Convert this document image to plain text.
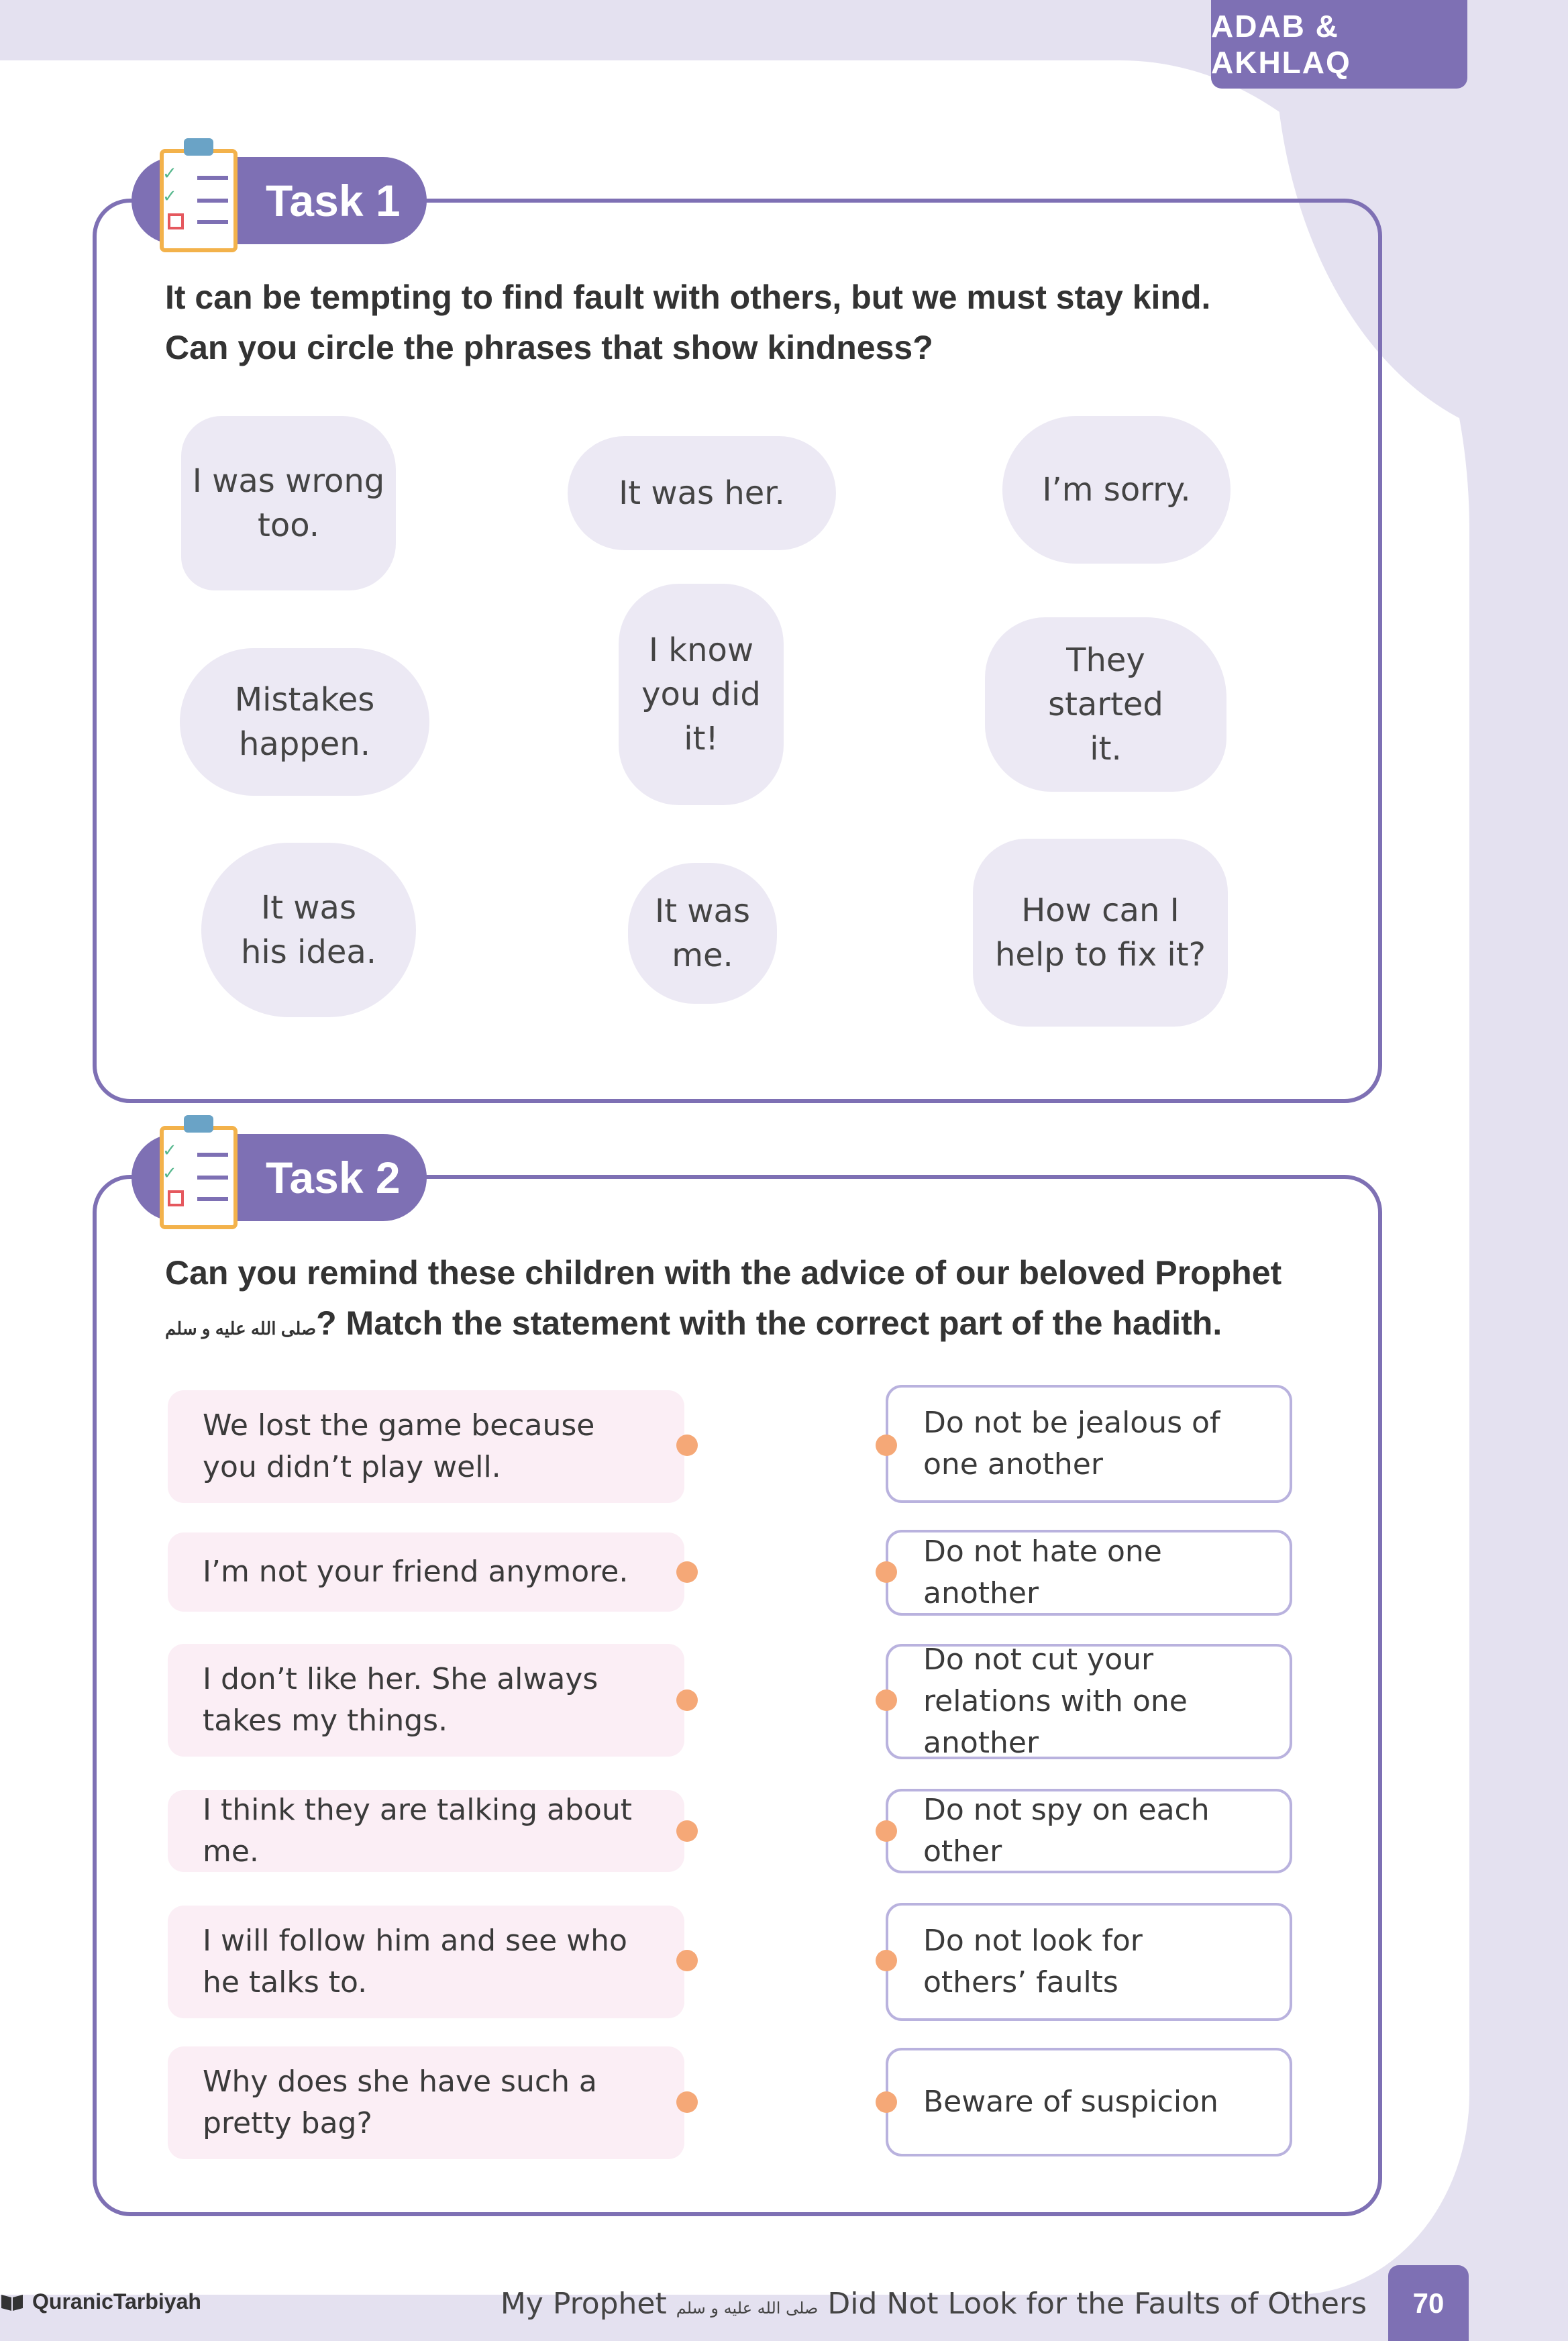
ADAB & AKHLAQ
Task 1
✓
✓
It can be tempting to find fault with others, but we must stay kind.
Can you circle the phrases that show kindness?
I was wrong too.
It was her.	I’m sorry.
Mistakes happen.
I know you did it!
They started it.
It was his idea.
It was me.
How can I help to fix it?
Task 2
✓
✓
Can you remind these children with the advice of our beloved Prophet
صلى الله عليه و سلم? Match the statement with the correct part of the hadith.
We lost the game because you didn’t play well.
I’m not your friend anymore.
I don’t like her. She always takes my things.
I think they are talking about me.
I will follow him and see who he talks to.
Why does she have such a pretty bag?
Do not be jealous of one another
Do not hate one another
Do not cut your relations with one another
Do not spy on each other
Do not look for others’ faults
Beware of suspicion
QuranicTarbiyah	My Prophet صلى الله عليه و سلم Did Not Look for the Faults of Others	70
